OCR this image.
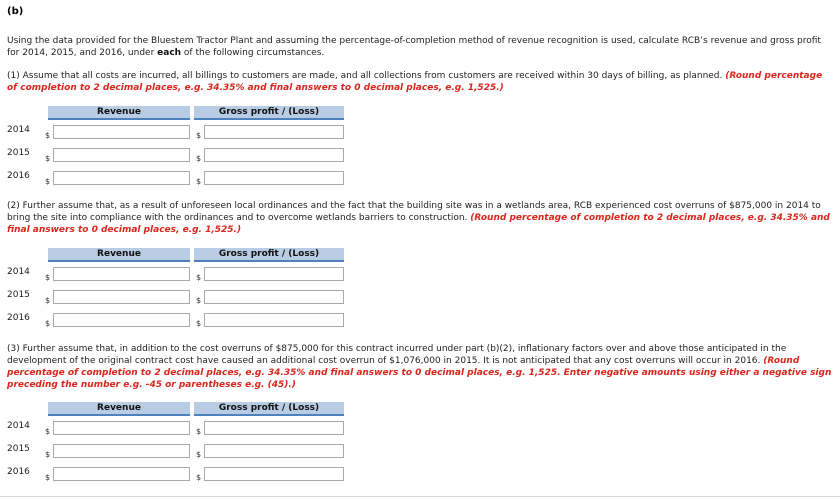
(b)
Using the data provided for the Bluestem Tractor Plant and assuming the percentage-of-completion method of revenue recognition is used, calculate RCB’s revenue and gross profit for 2014, 2015, and 2016, under each of the following circumstances.
(1) Assume that all costs are incurred, all billings to customers are made, and all collections from customers are received within 30 days of billing, as planned. (Round percentage of completion to 2 decimal places, e.g. 34.35% and final answers to 0 decimal places, e.g. 1,525.)
Revenue	Gross profit / (Loss)
2014
$	$
2015
$	$
2016
$	$
(2) Further assume that, as a result of unforeseen local ordinances and the fact that the building site was in a wetlands area, RCB experienced cost overruns of $875,000 in 2014 to bring the site into compliance with the ordinances and to overcome wetlands barriers to construction. (Round percentage of completion to 2 decimal places, e.g. 34.35% and final answers to 0 decimal places, e.g. 1,525.)
Revenue	Gross profit / (Loss)
2014
$	$
2015
$	$
2016
$	$
(3) Further assume that, in addition to the cost overruns of $875,000 for this contract incurred under part (b)(2), inflationary factors over and above those anticipated in the development of the original contract cost have caused an additional cost overrun of $1,076,000 in 2015. It is not anticipated that any cost overruns will occur in 2016. (Round percentage of completion to 2 decimal places, e.g. 34.35% and final answers to 0 decimal places, e.g. 1,525. Enter negative amounts using either a negative sign preceding the number e.g. -45 or parentheses e.g. (45).)
Revenue	Gross profit / (Loss)
2014
$	$
2015
$	$
2016
$	$
